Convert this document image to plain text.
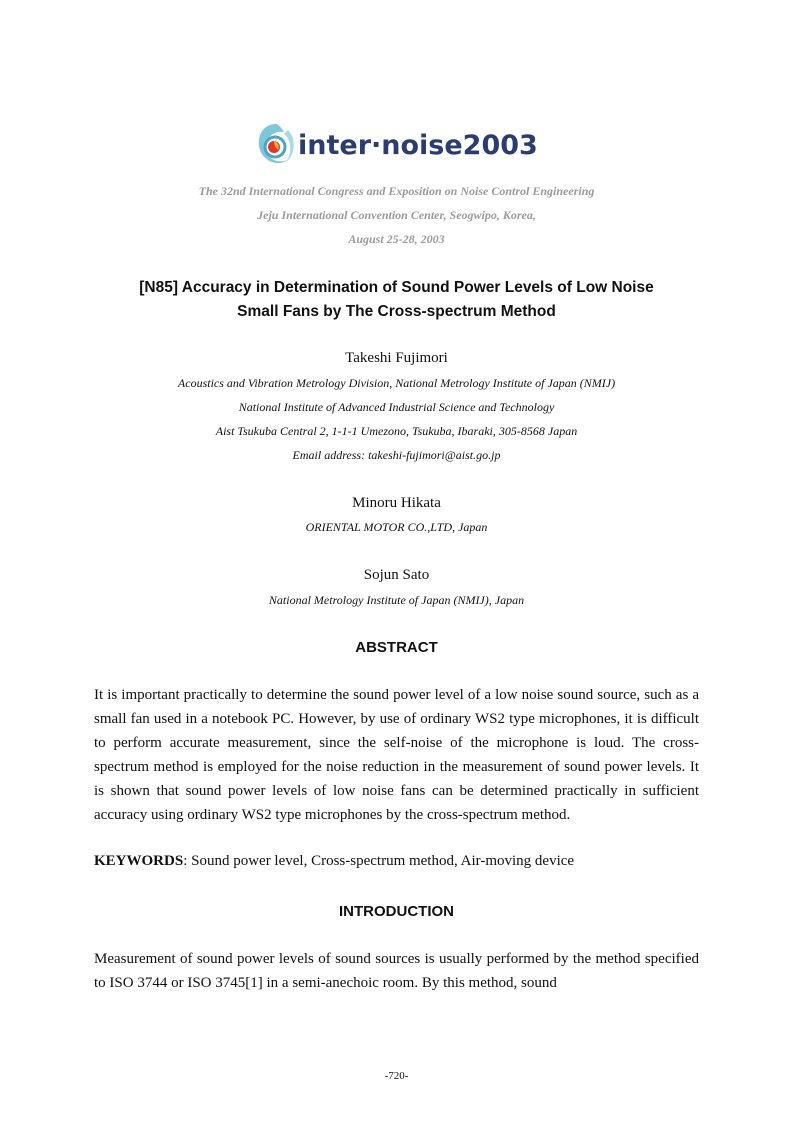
inter·noise2003
The 32nd International Congress and Exposition on Noise Control Engineering
Jeju International Convention Center, Seogwipo, Korea,
August 25-28, 2003
[N85] Accuracy in Determination of Sound Power Levels of Low Noise
Small Fans by The Cross-spectrum Method
Takeshi Fujimori
Acoustics and Vibration Metrology Division, National Metrology Institute of Japan (NMIJ)
National Institute of Advanced Industrial Science and Technology
Aist Tsukuba Central 2, 1-1-1 Umezono, Tsukuba, Ibaraki, 305-8568 Japan
Email address: takeshi-fujimori@aist.go.jp
Minoru Hikata
ORIENTAL MOTOR CO.,LTD, Japan
Sojun Sato
National Metrology Institute of Japan (NMIJ), Japan
ABSTRACT

It is important practically to determine the sound power level of a low noise sound source, such as a small fan used in a notebook PC. However, by use of ordinary WS2 type microphones, it is difficult to perform accurate measurement, since the self-noise of the microphone is loud. The cross-spectrum method is employed for the noise reduction in the measurement of sound power levels. It is shown that sound power levels of low noise fans can be determined practically in sufficient accuracy using ordinary WS2 type microphones by the cross-spectrum method.

KEYWORDS: Sound power level, Cross-spectrum method, Air-moving device
INTRODUCTION

Measurement of sound power levels of sound sources is usually performed by the method specified to ISO 3744 or ISO 3745[1] in a semi-anechoic room. By this method, sound

-720-
